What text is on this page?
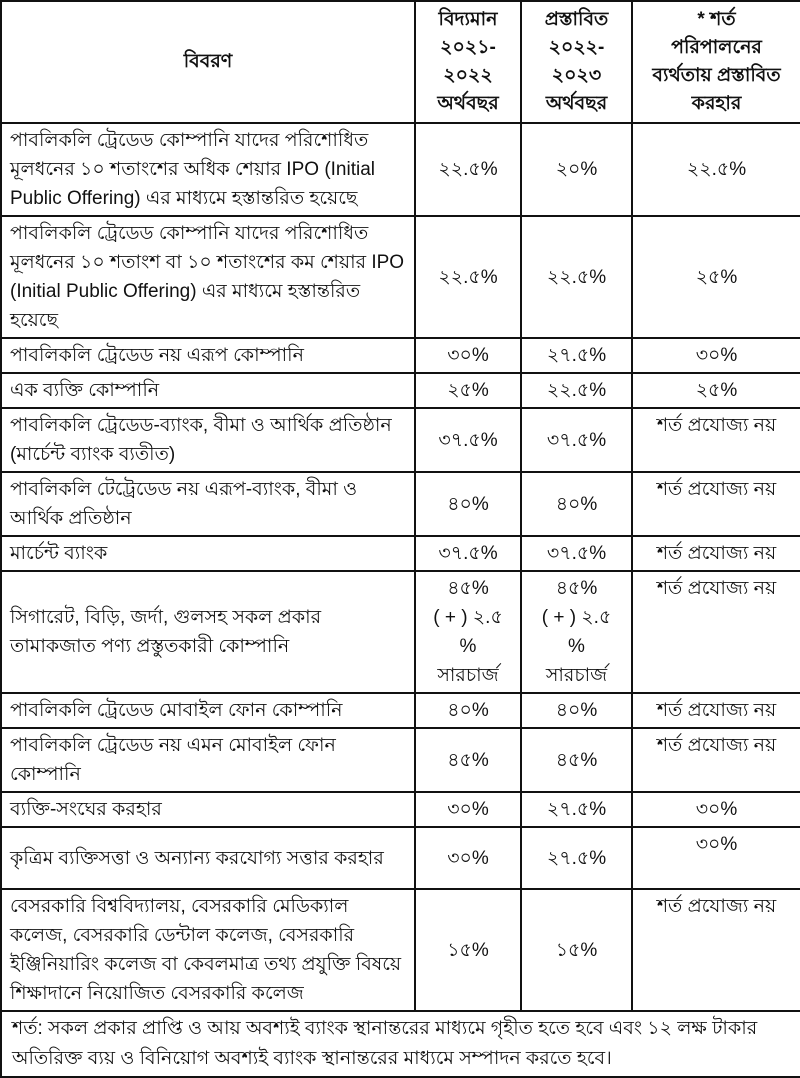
বিবরণ	বিদ্যমান
২০২১-
২০২২
অর্থবছর	প্রস্তাবিত
২০২২-
২০২৩
অর্থবছর	* শর্ত
পরিপালনের
ব্যর্থতায় প্রস্তাবিত
করহার

পাবলিকলি ট্রেডেড কোম্পানি যাদের পরিশোধিত মূলধনের ১০ শতাংশের অধিক শেয়ার IPO (Initial Public Offering) এর মাধ্যমে হস্তান্তরিত হয়েছে	২২.৫%	২০%	২২.৫%
পাবলিকলি ট্রেডেড কোম্পানি যাদের পরিশোধিত মূলধনের ১০ শতাংশ বা ১০ শতাংশের কম শেয়ার IPO (Initial Public Offering) এর মাধ্যমে হস্তান্তরিত হয়েছে	২২.৫%	২২.৫%	২৫%
পাবলিকলি ট্রেডেড নয় এরূপ কোম্পানি	৩০%	২৭.৫%	৩০%
এক ব্যক্তি কোম্পানি	২৫%	২২.৫%	২৫%
পাবলিকলি ট্রেডেড-ব্যাংক, বীমা ও আর্থিক প্রতিষ্ঠান (মার্চেন্ট ব্যাংক ব্যতীত)	৩৭.৫%	৩৭.৫%	শর্ত প্রযোজ্য নয়
পাবলিকলি টেট্রেডেড নয় এরূপ-ব্যাংক, বীমা ও আর্থিক প্রতিষ্ঠান	৪০%	৪০%	শর্ত প্রযোজ্য নয়
মার্চেন্ট ব্যাংক	৩৭.৫%	৩৭.৫%	শর্ত প্রযোজ্য নয়
সিগারেট, বিড়ি, জর্দা, গুলসহ সকল প্রকার তামাকজাত পণ্য প্রস্তুতকারী কোম্পানি	৪৫%
( + ) ২.৫
%
সারচার্জ	৪৫%
( + ) ২.৫
%
সারচার্জ	শর্ত প্রযোজ্য নয়
পাবলিকলি ট্রেডেড মোবাইল ফোন কোম্পানি	৪০%	৪০%	শর্ত প্রযোজ্য নয়
পাবলিকলি ট্রেডেড নয় এমন মোবাইল ফোন কোম্পানি	৪৫%	৪৫%	শর্ত প্রযোজ্য নয়
ব্যক্তি-সংঘের করহার	৩০%	২৭.৫%	৩০%
কৃত্রিম ব্যক্তিসত্তা ও অন্যান্য করযোগ্য সত্তার করহার	৩০%	২৭.৫%	৩০%
বেসরকারি বিশ্ববিদ্যালয়, বেসরকারি মেডিক্যাল কলেজ, বেসরকারি ডেন্টাল কলেজ, বেসরকারি ইঞ্জিনিয়ারিং কলেজ বা কেবলমাত্র তথ্য প্রযুক্তি বিষয়ে শিক্ষাদানে নিয়োজিত বেসরকারি কলেজ	১৫%	১৫%	শর্ত প্রযোজ্য নয়
শর্ত: সকল প্রকার প্রাপ্তি ও আয় অবশ্যই ব্যাংক স্থানান্তরের মাধ্যমে গৃহীত হতে হবে এবং ১২ লক্ষ টাকার অতিরিক্ত ব্যয় ও বিনিয়োগ অবশ্যই ব্যাংক স্থানান্তরের মাধ্যমে সম্পাদন করতে হবে।			
